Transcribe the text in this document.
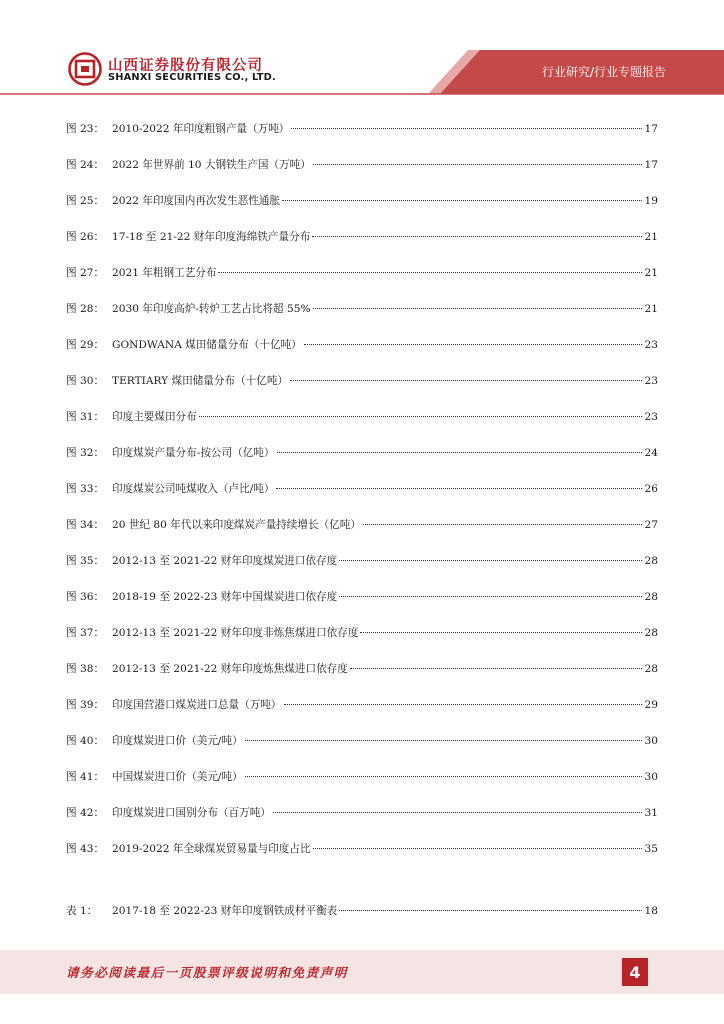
山西证券股份有限公司
SHANXI SECURITIES CO., LTD.	行业研究/行业专题报告
图 23： 2010-2022 年印度粗钢产量（万吨）	17
图 24： 2022 年世界前 10 大钢铁生产国（万吨）	17
图 25： 2022 年印度国内再次发生恶性通胀	19
图 26： 17-18 至 21-22 财年印度海绵铁产量分布	21
图 27： 2021 年粗钢工艺分布	21
图 28： 2030 年印度高炉-转炉工艺占比将超 55%	21
图 29： GONDWANA 煤田储量分布（十亿吨）	23
图 30： TERTIARY 煤田储量分布（十亿吨）	23
图 31： 印度主要煤田分布	23
图 32： 印度煤炭产量分布-按公司（亿吨）	24
图 33： 印度煤炭公司吨煤收入（卢比/吨）	26
图 34： 20 世纪 80 年代以来印度煤炭产量持续增长（亿吨）	27
图 35： 2012-13 至 2021-22 财年印度煤炭进口依存度	28
图 36： 2018-19 至 2022-23 财年中国煤炭进口依存度	28
图 37： 2012-13 至 2021-22 财年印度非炼焦煤进口依存度	28
图 38： 2012-13 至 2021-22 财年印度炼焦煤进口依存度	28
图 39： 印度国营港口煤炭进口总量（万吨）	29
图 40： 印度煤炭进口价（美元/吨）	30
图 41： 中国煤炭进口价（美元/吨）	30
图 42： 印度煤炭进口国别分布（百万吨）	31
图 43： 2019-2022 年全球煤炭贸易量与印度占比	35
表 1：	2017-18 至 2022-23 财年印度钢铁成材平衡表	18
请务必阅读最后一页股票评级说明和免责声明	4
